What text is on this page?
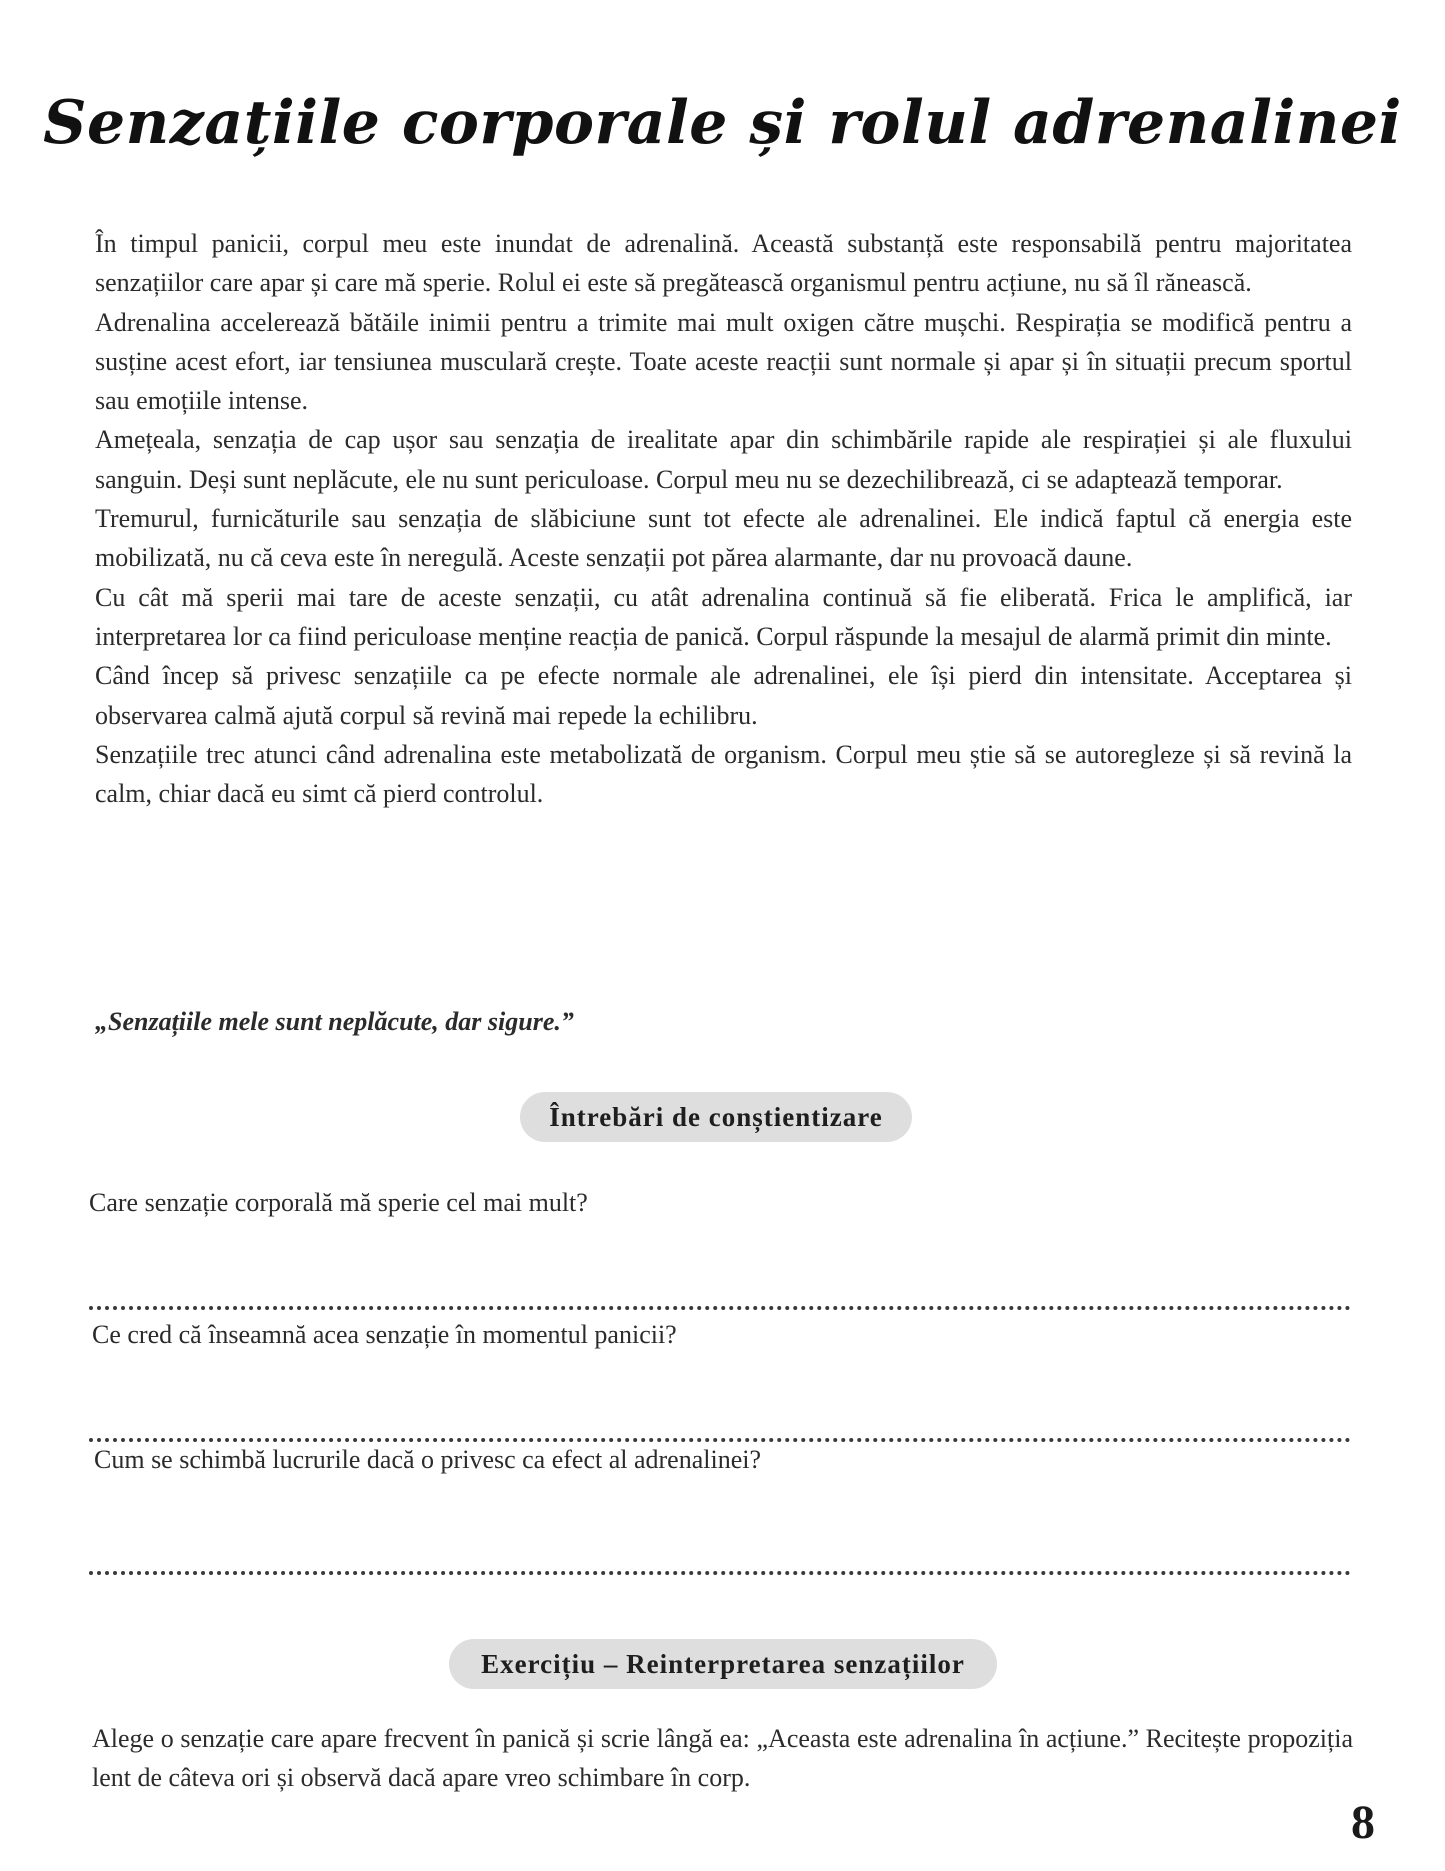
Senzațiile corporale și rolul adrenalinei

În timpul panicii, corpul meu este inundat de adrenalină. Această substanță este responsabilă pentru majoritatea senzațiilor care apar și care mă sperie. Rolul ei este să pregătească organismul pentru acțiune, nu să îl rănească.

Adrenalina accelerează bătăile inimii pentru a trimite mai mult oxigen către mușchi. Respirația se modifică pentru a susține acest efort, iar tensiunea musculară crește. Toate aceste reacții sunt normale și apar și în situații precum sportul sau emoțiile intense.

Amețeala, senzația de cap ușor sau senzația de irealitate apar din schimbările rapide ale respirației și ale fluxului sanguin. Deși sunt neplăcute, ele nu sunt periculoase. Corpul meu nu se dezechilibrează, ci se adaptează temporar.

Tremurul, furnicăturile sau senzația de slăbiciune sunt tot efecte ale adrenalinei. Ele indică faptul că energia este mobilizată, nu că ceva este în neregulă. Aceste senzații pot părea alarmante, dar nu provoacă daune.

Cu cât mă sperii mai tare de aceste senzații, cu atât adrenalina continuă să fie eliberată. Frica le amplifică, iar interpretarea lor ca fiind periculoase menține reacția de panică. Corpul răspunde la mesajul de alarmă primit din minte.

Când încep să privesc senzațiile ca pe efecte normale ale adrenalinei, ele își pierd din intensitate. Acceptarea și observarea calmă ajută corpul să revină mai repede la echilibru.

Senzațiile trec atunci când adrenalina este metabolizată de organism. Corpul meu știe să se autoregleze și să revină la calm, chiar dacă eu simt că pierd controlul.

„Senzațiile mele sunt neplăcute, dar sigure.”
Întrebări de conștientizare
Care senzație corporală mă sperie cel mai mult?
Ce cred că înseamnă acea senzație în momentul panicii?
Cum se schimbă lucrurile dacă o privesc ca efect al adrenalinei?
Exercițiu – Reinterpretarea senzațiilor

Alege o senzație care apare frecvent în panică și scrie lângă ea: „Aceasta este adrenalina în acțiune.” Recitește propoziția lent de câteva ori și observă dacă apare vreo schimbare în corp.

8
